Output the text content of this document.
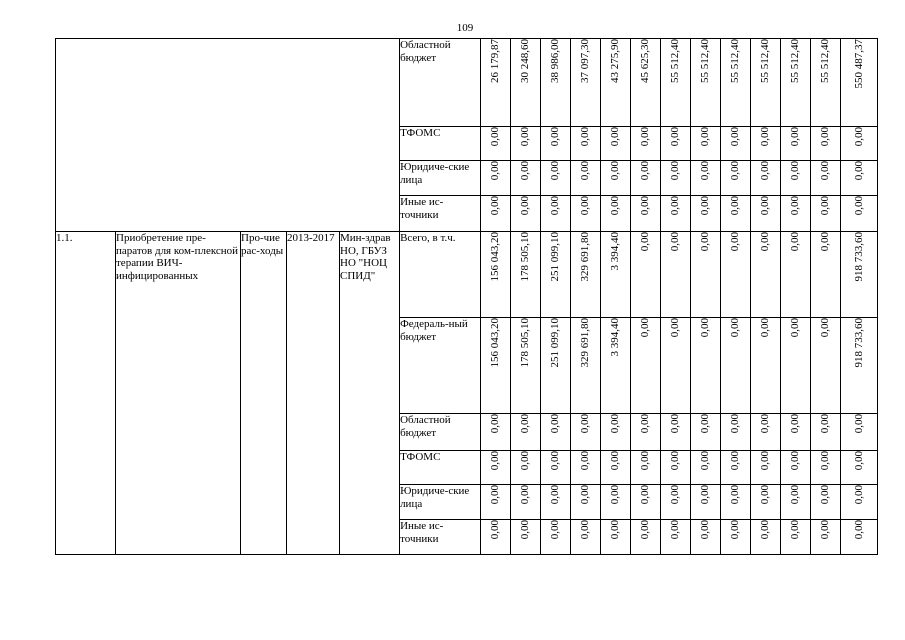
109
					Областной бюджет	26 179,87	30 248,60	38 986,00	37 097,30	43 275,90	45 625,30	55 512,40	55 512,40	55 512,40	55 512,40	55 512,40	55 512,40	550 487,37
					ТФОМС	0,00	0,00	0,00	0,00	0,00	0,00	0,00	0,00	0,00	0,00	0,00	0,00	0,00
					Юридиче-ские лица	0,00	0,00	0,00	0,00	0,00	0,00	0,00	0,00	0,00	0,00	0,00	0,00	0,00
					Иные ис-точники	0,00	0,00	0,00	0,00	0,00	0,00	0,00	0,00	0,00	0,00	0,00	0,00	0,00
1.1.	Приобретение пре-паратов для ком-плексной терапии ВИЧ-инфицированных	Про-чие рас-ходы	2013-2017	Мин-здрав НО, ГБУЗ НО "НОЦ СПИД"	Всего, в т.ч.	156 043,20	178 505,10	251 099,10	329 691,80	3 394,40	0,00	0,00	0,00	0,00	0,00	0,00	0,00	918 733,60
					Федераль-ный бюджет	156 043,20	178 505,10	251 099,10	329 691,80	3 394,40	0,00	0,00	0,00	0,00	0,00	0,00	0,00	918 733,60
					Областной бюджет	0,00	0,00	0,00	0,00	0,00	0,00	0,00	0,00	0,00	0,00	0,00	0,00	0,00
					ТФОМС	0,00	0,00	0,00	0,00	0,00	0,00	0,00	0,00	0,00	0,00	0,00	0,00	0,00
					Юридиче-ские лица	0,00	0,00	0,00	0,00	0,00	0,00	0,00	0,00	0,00	0,00	0,00	0,00	0,00
					Иные ис-точники	0,00	0,00	0,00	0,00	0,00	0,00	0,00	0,00	0,00	0,00	0,00	0,00	0,00
